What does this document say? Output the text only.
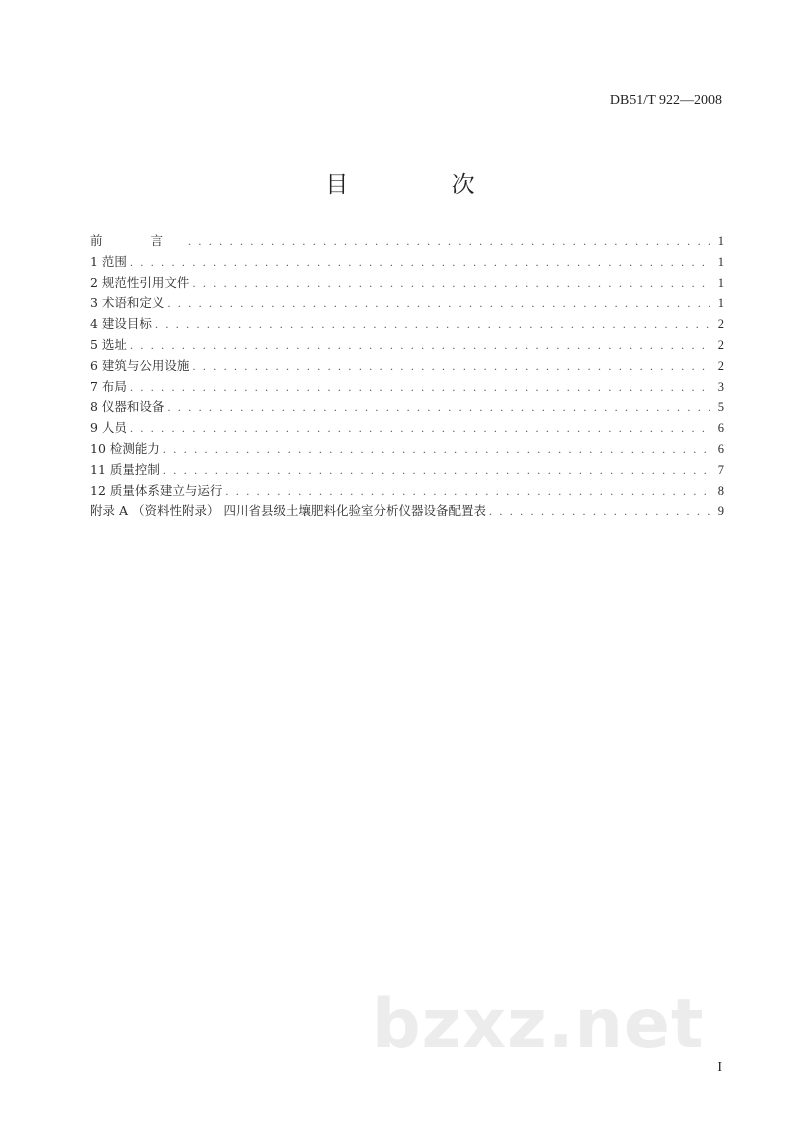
DB51/T 922—2008
目 次
前 言 . . .	1
1 范围 . . .	1
2 规范性引用文件 . . .	1
3 术语和定义 . . .	1
4 建设目标 . . .	2
5 选址 . . .	2
6 建筑与公用设施 . . .	2
7 布局 . . .	3
8 仪器和设备 . . .	5
9 人员 . . .	6
10 检测能力 . . .	6
11 质量控制 . . .	7
12 质量体系建立与运行 . . .	8
附录 A （资料性附录） 四川省县级土壤肥料化验室分析仪器设备配置表 . . .	9
bzxz.net
I
